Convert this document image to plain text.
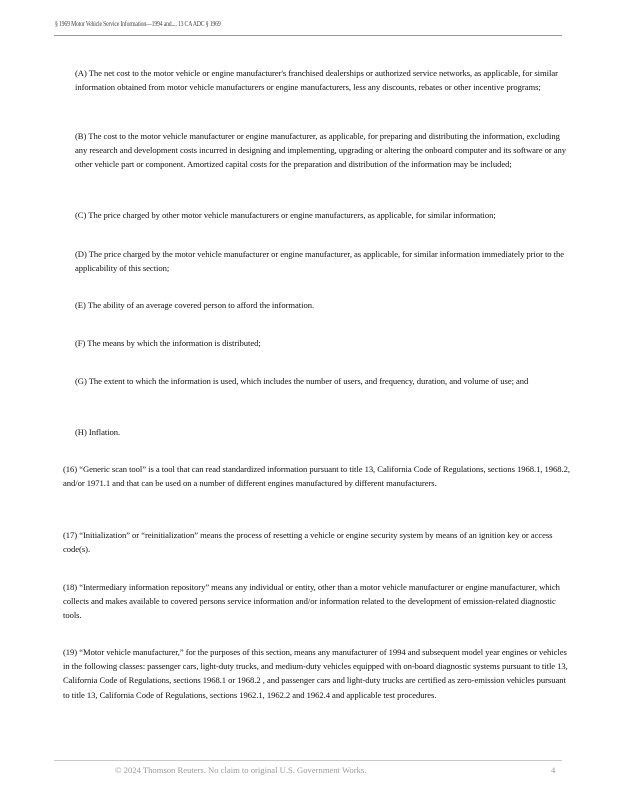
§ 1969 Motor Vehicle Service Information—1994 and..., 13 CA ADC § 1969

(A) The net cost to the motor vehicle or engine manufacturer's franchised dealerships or authorized service networks, as applicable, for similar information obtained from motor vehicle manufacturers or engine manufacturers, less any discounts, rebates or other incentive programs;

(B) The cost to the motor vehicle manufacturer or engine manufacturer, as applicable, for preparing and distributing the information, excluding any research and development costs incurred in designing and implementing, upgrading or altering the onboard computer and its software or any other vehicle part or component. Amortized capital costs for the preparation and distribution of the information may be included;

(C) The price charged by other motor vehicle manufacturers or engine manufacturers, as applicable, for similar information;

(D) The price charged by the motor vehicle manufacturer or engine manufacturer, as applicable, for similar information immediately prior to the applicability of this section;

(E) The ability of an average covered person to afford the information.

(F) The means by which the information is distributed;

(G) The extent to which the information is used, which includes the number of users, and frequency, duration, and volume of use; and

(H) Inflation.

(16) “Generic scan tool” is a tool that can read standardized information pursuant to title 13, California Code of Regulations, sections 1968.1, 1968.2, and/or 1971.1 and that can be used on a number of different engines manufactured by different manufacturers.

(17) “Initialization” or “reinitialization” means the process of resetting a vehicle or engine security system by means of an ignition key or access code(s).

(18) “Intermediary information repository” means any individual or entity, other than a motor vehicle manufacturer or engine manufacturer, which collects and makes available to covered persons service information and/or information related to the development of emission-related diagnostic tools.

(19) “Motor vehicle manufacturer,” for the purposes of this section, means any manufacturer of 1994 and subsequent model year engines or vehicles in the following classes: passenger cars, light-duty trucks, and medium-duty vehicles equipped with on-board diagnostic systems pursuant to title 13, California Code of Regulations, sections 1968.1 or 1968.2 , and passenger cars and light-duty trucks are certified as zero-emission vehicles pursuant to title 13, California Code of Regulations, sections 1962.1, 1962.2 and 1962.4 and applicable test procedures.

© 2024 Thomson Reuters. No claim to original U.S. Government Works.	4
